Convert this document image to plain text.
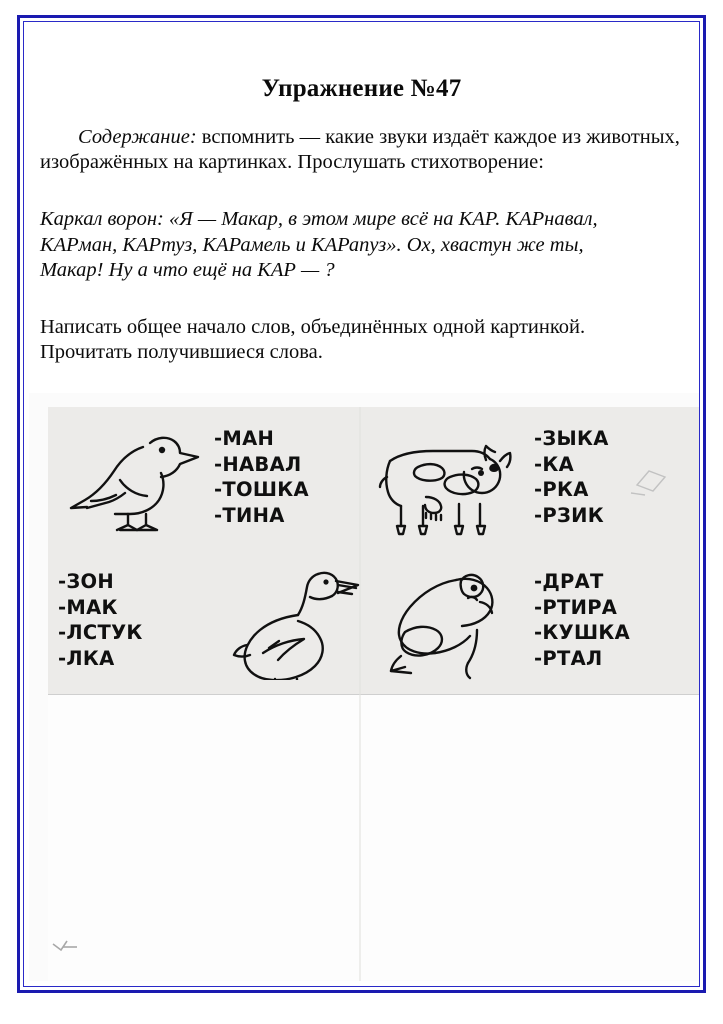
Упражнение №47

Содержание: вспомнить — какие звуки издаёт каждое из животных, изображённых на картинках. Прослушать стихотворение:

Каркал ворон: «Я — Макар, в этом мире всё на КАР. КАРнавал,
КАРман, КАРтуз, КАРамель и КАРапуз». Ох, хвастун же ты,
Макар! Ну а что ещё на КАР — ?
Написать общее начало слов, объединённых одной картинкой.
Прочитать получившиеся слова.
-МАН
-НАВАЛ
-ТОШКА
-ТИНА
-ЗЫКА
-КА
-РКА
-РЗИК
-ЗОН
-МАК
-ЛСТУК
-ЛКА
-ДРАТ
-РТИРА
-КУШКА
-РТАЛ
